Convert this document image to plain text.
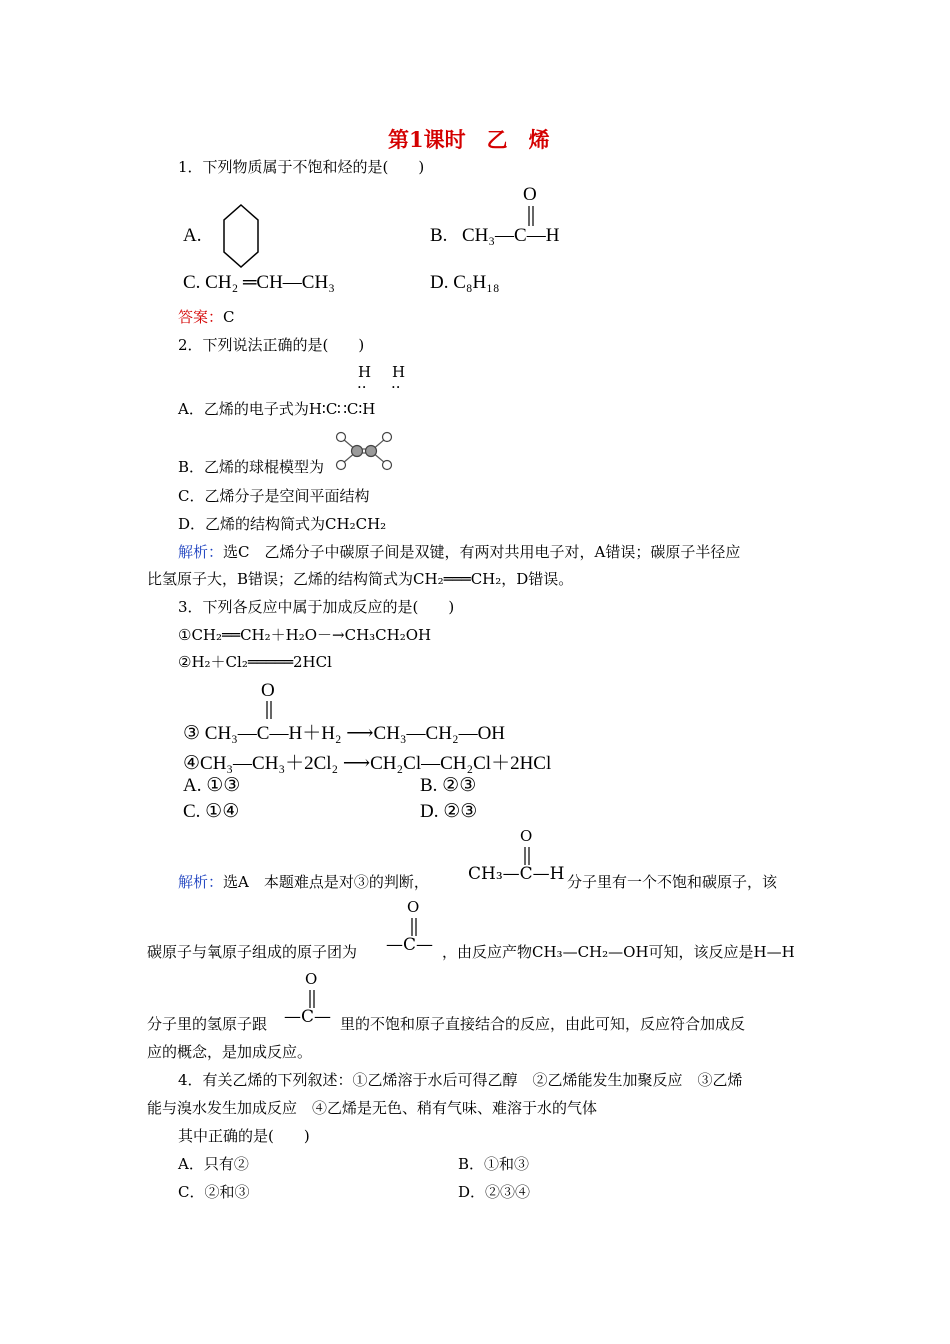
第1课时　乙　烯
1．下列物质属于不饱和烃的是(　　)
A.	B.
O
CH₃—C—H
C. CH₂ ═CH—CH₃	D. C₈H₁₈
答案：C
2．下列说法正确的是(　　)
H H
·· ··
A．乙烯的电子式为H∶C∷C∶H
B．乙烯的球棍模型为
C．乙烯分子是空间平面结构
D．乙烯的结构简式为CH₂CH₂
解析：选C　乙烯分子中碳原子间是双键，有两对共用电子对，A错误；碳原子半径应
比氢原子大，B错误；乙烯的结构简式为CH₂═══CH₂，D错误。
3．下列各反应中属于加成反应的是(　　)
①CH₂══CH₂＋H₂O－→CH₃CH₂OH
②H₂＋Cl₂═════2HCl
O
③ CH₃—C—H＋H₂ ⟶CH₃—CH₂—OH
④CH₃—CH₃＋2Cl₂ ⟶CH₂Cl—CH₂Cl＋2HCl
A. ①③	B. ②③
C. ①④	D. ②③
解析：选A　本题难点是对③的判断，
O
CH₃—C—H 分子里有一个不饱和碳原子，该
碳原子与氧原子组成的原子团为
O
—C— ，由反应产物CH₃—CH₂—OH可知，该反应是H—H
分子里的氢原子跟
O
—C— 里的不饱和原子直接结合的反应，由此可知，反应符合加成反
应的概念，是加成反应。
4．有关乙烯的下列叙述：①乙烯溶于水后可得乙醇　②乙烯能发生加聚反应　③乙烯
能与溴水发生加成反应　④乙烯是无色、稍有气味、难溶于水的气体
其中正确的是(　　)
A．只有②	B．①和③
C．②和③	D．②③④
